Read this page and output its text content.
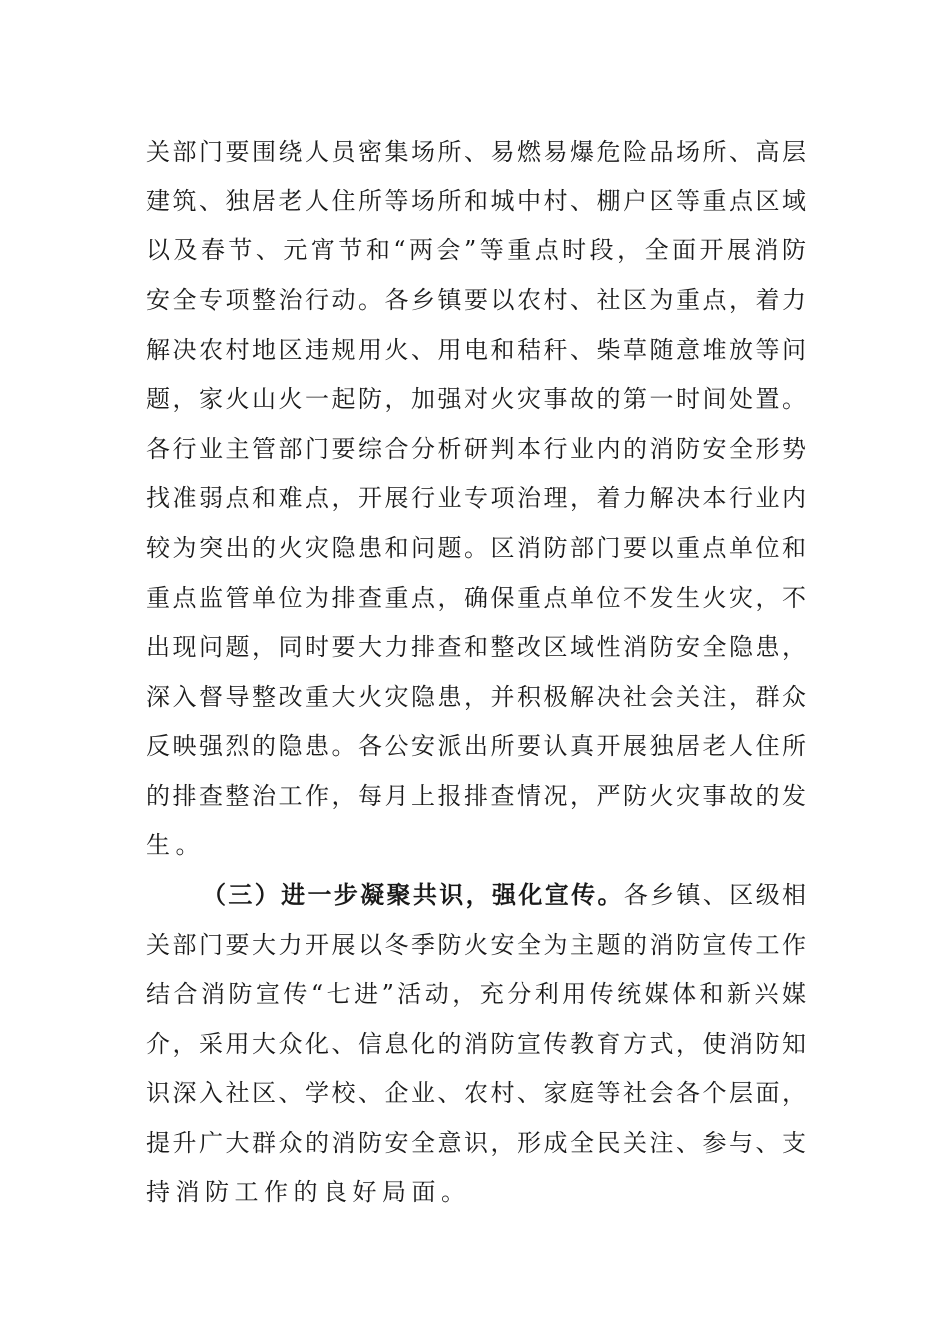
关部门要围绕人员密集场所、易燃易爆危险品场所、高层
建筑、独居老人住所等场所和城中村、棚户区等重点区域
以及春节、元宵节和“两会”等重点时段，全面开展消防
安全专项整治行动。各乡镇要以农村、社区为重点，着力
解决农村地区违规用火、用电和秸秆、柴草随意堆放等问
题，家火山火一起防，加强对火灾事故的第一时间处置。
各行业主管部门要综合分析研判本行业内的消防安全形势
找准弱点和难点，开展行业专项治理，着力解决本行业内
较为突出的火灾隐患和问题。区消防部门要以重点单位和
重点监管单位为排查重点，确保重点单位不发生火灾，不
出现问题，同时要大力排查和整改区域性消防安全隐患，
深入督导整改重大火灾隐患，并积极解决社会关注，群众
反映强烈的隐患。各公安派出所要认真开展独居老人住所
的排查整治工作，每月上报排查情况，严防火灾事故的发
生。
（三）进一步凝聚共识，强化宣传。各乡镇、区级相
关部门要大力开展以冬季防火安全为主题的消防宣传工作
结合消防宣传“七进”活动，充分利用传统媒体和新兴媒
介，采用大众化、信息化的消防宣传教育方式，使消防知
识深入社区、学校、企业、农村、家庭等社会各个层面，
提升广大群众的消防安全意识，形成全民关注、参与、支
持消防工作的良好局面。
